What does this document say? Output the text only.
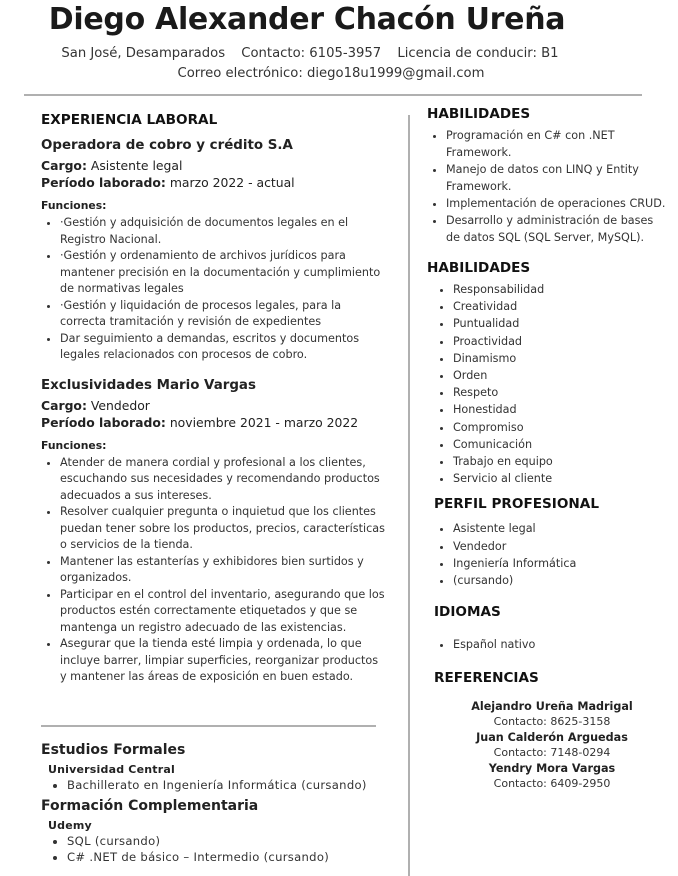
Diego Alexander Chacón Ureña
San José, Desamparados Contacto: 6105-3957 Licencia de conducir: B1
Correo electrónico: diego18u1999@gmail.com
EXPERIENCIA LABORAL
Operadora de cobro y crédito S.A
Cargo: Asistente legal
Período laborado: marzo 2022 - actual
Funciones:
• ·Gestión y adquisición de documentos legales en el Registro Nacional.
• ·Gestión y ordenamiento de archivos jurídicos para mantener precisión en la documentación y cumplimiento de normativas legales
• ·Gestión y liquidación de procesos legales, para la correcta tramitación y revisión de expedientes
• Dar seguimiento a demandas, escritos y documentos legales relacionados con procesos de cobro.
Exclusividades Mario Vargas
Cargo: Vendedor
Período laborado: noviembre 2021 - marzo 2022
Funciones:
• Atender de manera cordial y profesional a los clientes, escuchando sus necesidades y recomendando productos adecuados a sus intereses.
• Resolver cualquier pregunta o inquietud que los clientes puedan tener sobre los productos, precios, características o servicios de la tienda.
• Mantener las estanterías y exhibidores bien surtidos y organizados.
• Participar en el control del inventario, asegurando que los productos estén correctamente etiquetados y que se mantenga un registro adecuado de las existencias.
• Asegurar que la tienda esté limpia y ordenada, lo que incluye barrer, limpiar superficies, reorganizar productos y mantener las áreas de exposición en buen estado.
Estudios Formales
Universidad Central
• Bachillerato en Ingeniería Informática (cursando)
Formación Complementaria
Udemy
• SQL (cursando)
• C# .NET de básico – Intermedio (cursando)
HABILIDADES
• Programación en C# con .NET Framework.
• Manejo de datos con LINQ y Entity Framework.
• Implementación de operaciones CRUD.
• Desarrollo y administración de bases de datos SQL (SQL Server, MySQL).
HABILIDADES
• Responsabilidad
• Creatividad
• Puntualidad
• Proactividad
• Dinamismo
• Orden
• Respeto
• Honestidad
• Compromiso
• Comunicación
• Trabajo en equipo
• Servicio al cliente
PERFIL PROFESIONAL
• Asistente legal
• Vendedor
• Ingeniería Informática
• (cursando)
IDIOMAS
• Español nativo
REFERENCIAS
Alejandro Ureña Madrigal
Contacto: 8625-3158
Juan Calderón Arguedas
Contacto: 7148-0294
Yendry Mora Vargas
Contacto: 6409-2950
